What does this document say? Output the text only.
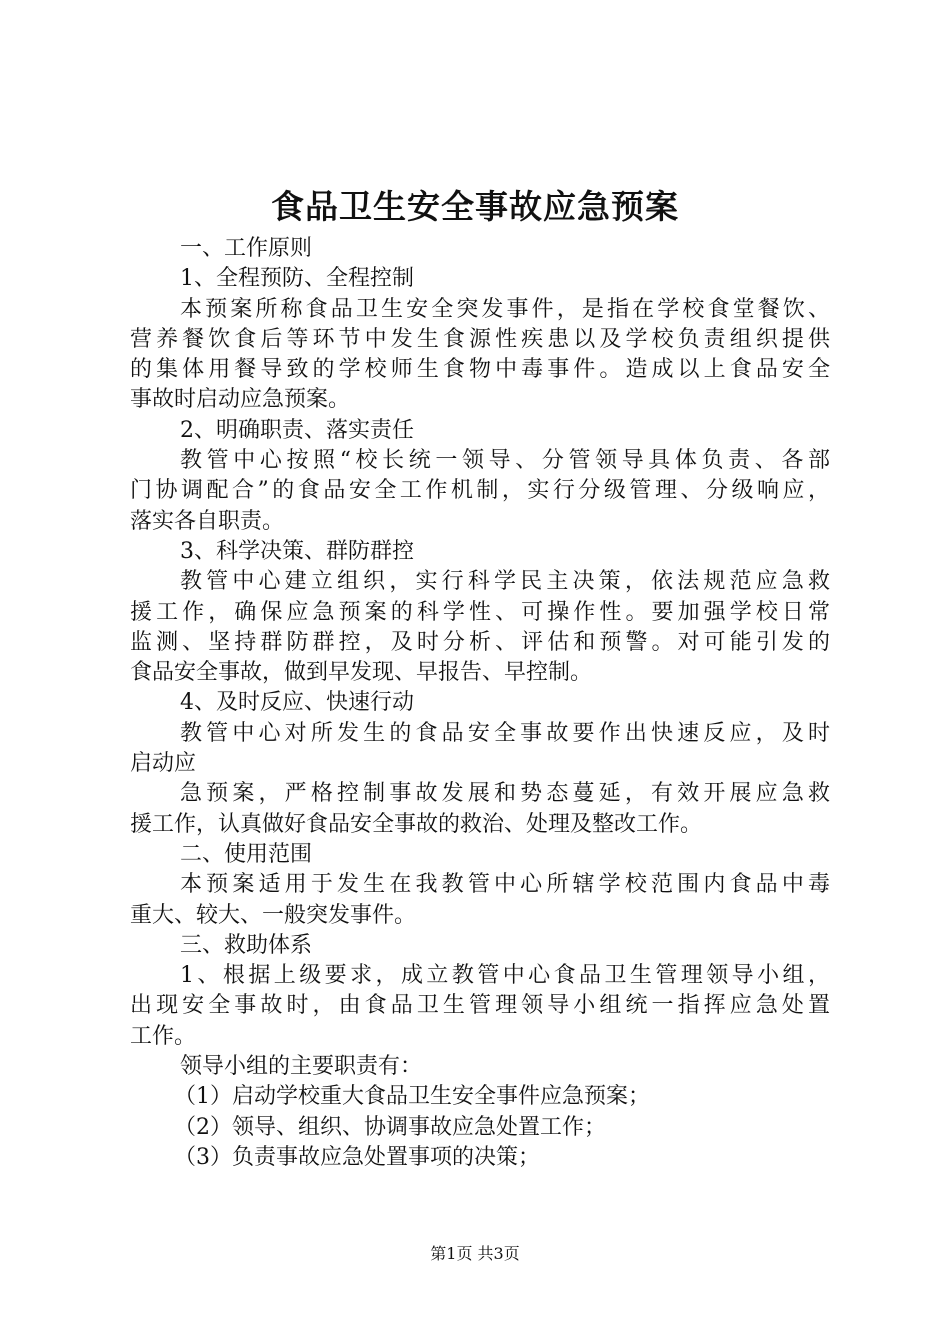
食品卫生安全事故应急预案
一、工作原则
1、全程预防、全程控制
本预案所称食品卫生安全突发事件，是指在学校食堂餐饮、
营养餐饮食后等环节中发生食源性疾患以及学校负责组织提供
的集体用餐导致的学校师生食物中毒事件。造成以上食品安全
事故时启动应急预案。
2、明确职责、落实责任
教管中心按照“校长统一领导、分管领导具体负责、各部
门协调配合”的食品安全工作机制，实行分级管理、分级响应，
落实各自职责。
3、科学决策、群防群控
教管中心建立组织，实行科学民主决策，依法规范应急救
援工作，确保应急预案的科学性、可操作性。要加强学校日常
监测、坚持群防群控，及时分析、评估和预警。对可能引发的
食品安全事故，做到早发现、早报告、早控制。
4、及时反应、快速行动
教管中心对所发生的食品安全事故要作出快速反应，及时
启动应
急预案，严格控制事故发展和势态蔓延，有效开展应急救
援工作，认真做好食品安全事故的救治、处理及整改工作。
二、使用范围
本预案适用于发生在我教管中心所辖学校范围内食品中毒
重大、较大、一般突发事件。
三、救助体系
1、根据上级要求，成立教管中心食品卫生管理领导小组，
出现安全事故时，由食品卫生管理领导小组统一指挥应急处置
工作。
领导小组的主要职责有：
（1）启动学校重大食品卫生安全事件应急预案；
（2）领导、组织、协调事故应急处置工作；
（3）负责事故应急处置事项的决策；
第1页 共3页
